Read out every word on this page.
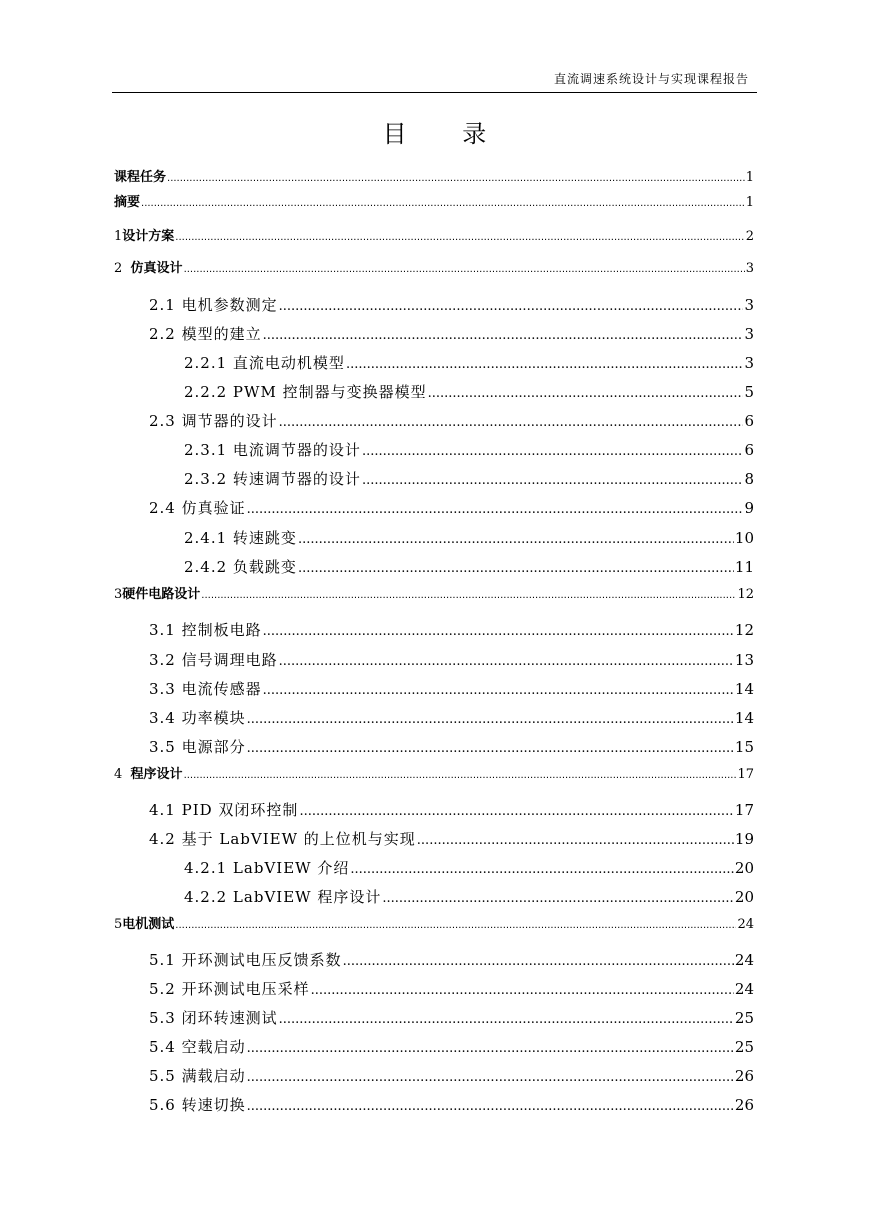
直流调速系统设计与实现课程报告
目 录
课程任务 .....	1
摘要 .....	1
1 设计方案 .....	2
2 仿真设计 .....	3
2.1 电机参数测定 .....	3
2.2 模型的建立 .....	3
2.2.1 直流电动机模型 .....	3
2.2.2 PWM 控制器与变换器模型 .....	5
2.3 调节器的设计 .....	6
2.3.1 电流调节器的设计 .....	6
2.3.2 转速调节器的设计 .....	8
2.4 仿真验证 .....	9
2.4.1 转速跳变 .....	10
2.4.2 负载跳变 .....	11
3 硬件电路设计 .....	12
3.1 控制板电路 .....	12
3.2 信号调理电路 .....	13
3.3 电流传感器 .....	14
3.4 功率模块 .....	14
3.5 电源部分 .....	15
4 程序设计 .....	17
4.1 PID 双闭环控制 .....	17
4.2 基于 LabVIEW 的上位机与实现 .....	19
4.2.1 LabVIEW 介绍 .....	20
4.2.2 LabVIEW 程序设计 .....	20
5 电机测试 .....	24
5.1 开环测试电压反馈系数 .....	24
5.2 开环测试电压采样 .....	24
5.3 闭环转速测试 .....	25
5.4 空载启动 .....	25
5.5 满载启动 .....	26
5.6 转速切换 .....	26
